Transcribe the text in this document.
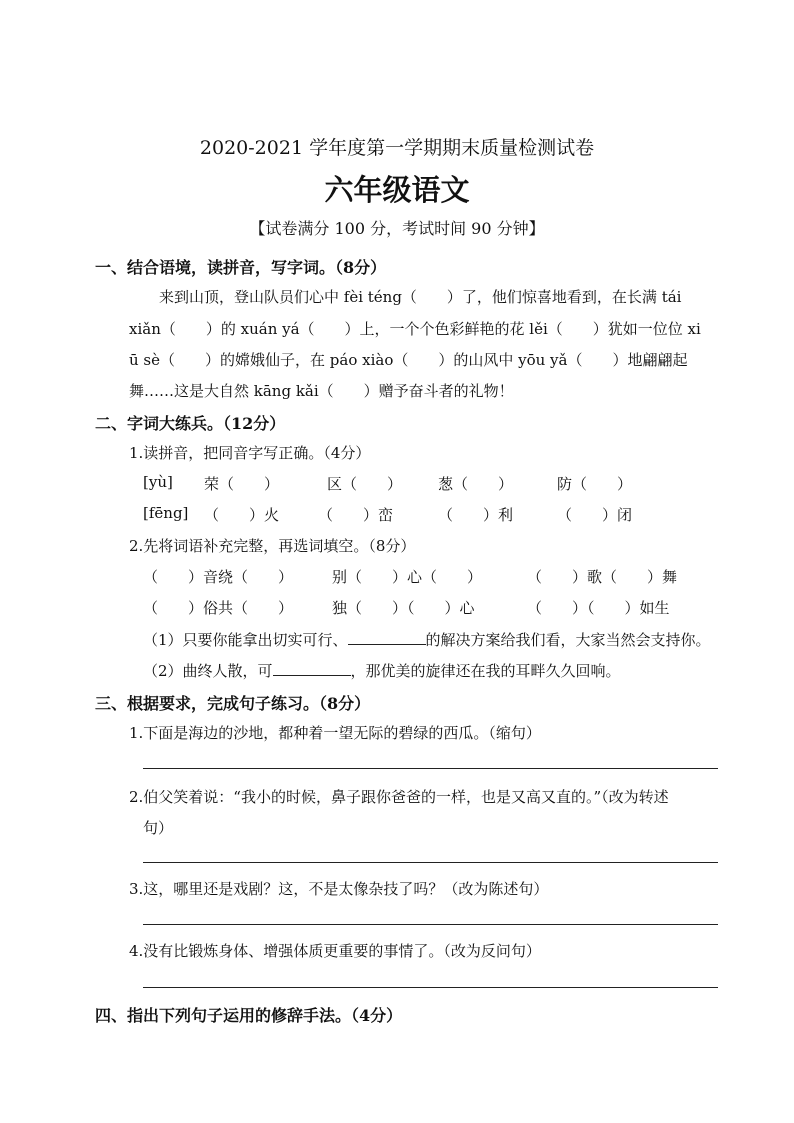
2020-2021 学年度第一学期期末质量检测试卷
六年级语文
【试卷满分 100 分，考试时间 90 分钟】
一、结合语境，读拼音，写字词。（8分）
来到山顶，登山队员们心中 fèi téng（　　）了，他们惊喜地看到，在长满 tái
xiǎn（　　）的 xuán yá（　　）上，一个个色彩鲜艳的花 lěi（　　）犹如一位位 xi
ū sè（　　）的嫦娥仙子，在 páo xiào（　　）的山风中 yōu yǎ（　　）地翩翩起
舞……这是大自然 kāng kǎi（　　）赠予奋斗者的礼物！
二、字词大练兵。（12分）
1.读拼音，把同音字写正确。（4分）
[yù] 荣（　　）	区（　　） 葱（　　）	防（　　）
[fēng] （　　）火	（　　）峦	（　　）利	（　　）闭
2.先将词语补充完整，再选词填空。（8分）
（　　）音绕（　　）	别（　　）心（　　）	（　　）歌（　　）舞
（　　）俗共（　　）	独（　　）（　　）心	（　　）（　　）如生
（1）只要你能拿出切实可行、	的解决方案给我们看，大家当然会支持你。
（2）曲终人散，可	，那优美的旋律还在我的耳畔久久回响。
三、根据要求，完成句子练习。（8分）
1.下面是海边的沙地，都种着一望无际的碧绿的西瓜。（缩句）
2.伯父笑着说：“我小的时候，鼻子跟你爸爸的一样，也是又高又直的。”（改为转述
句）
3.这，哪里还是戏剧？这，不是太像杂技了吗？（改为陈述句）
4.没有比锻炼身体、增强体质更重要的事情了。（改为反问句）
四、指出下列句子运用的修辞手法。（4分）
